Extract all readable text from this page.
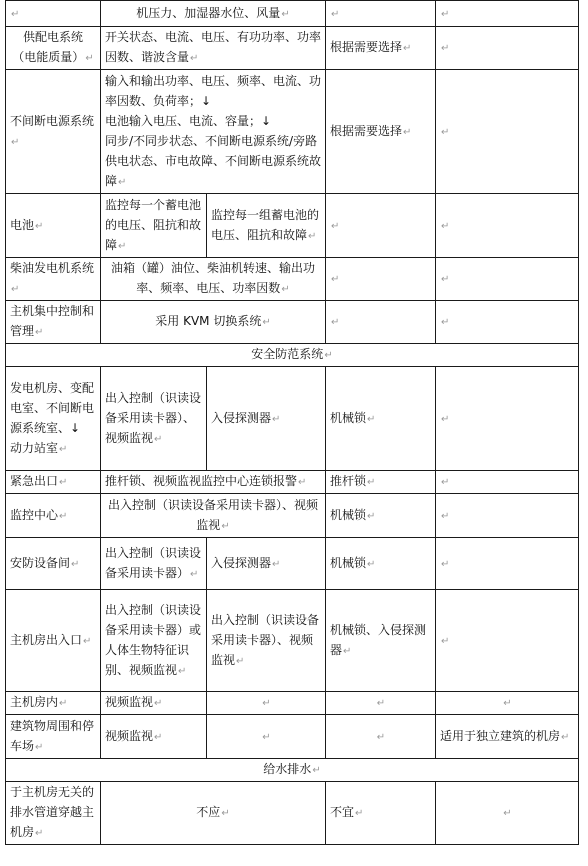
↵	机压力、加湿器水位、风量↵		↵	↵
供配电系统
（电能质量）↵	开关状态、电流、电压、有功功率、功率因数、谐波含量↵		根据需要选择↵	↵
不间断电源系统↵	输入和输出功率、电压、频率、电流、功率因数、负荷率；↓
电池输入电压、电流、容量；↓
同步/不同步状态、不间断电源系统/旁路供电状态、市电故障、不间断电源系统故障↵		根据需要选择↵	↵
电池↵	监控每一个蓄电池的电压、阻抗和故障↵	监控每一组蓄电池的电压、阻抗和故障↵	↵	↵
柴油发电机系统↵	油箱（罐）油位、柴油机转速、输出功率、频率、电压、功率因数↵		↵	↵
主机集中控制和管理↵	采用 KVM 切换系统↵		↵	↵
安全防范系统↵				
发电机房、变配电室、不间断电源系统室、↓
动力站室↵	出入控制（识读设备采用读卡器）、视频监视↵	入侵探测器↵	机械锁↵	↵
紧急出口↵	推杆锁、视频监视监控中心连锁报警↵		推杆锁↵	↵
监控中心↵	出入控制（识读设备采用读卡器）、视频监视↵		机械锁↵	↵
安防设备间↵	出入控制（识读设备采用读卡器）↵	入侵探测器↵	机械锁↵	↵
主机房出入口↵	出入控制（识读设备采用读卡器）或人体生物特征识别、视频监视↵	出入控制（识读设备采用读卡器）、视频监视↵	机械锁、入侵探测器↵	↵
主机房内↵	视频监视↵	↵	↵	↵
建筑物周围和停车场↵	视频监视↵	↵	↵	适用于独立建筑的机房↵
给水排水↵				
于主机房无关的排水管道穿越主机房↵	不应↵		不宜↵	↵
